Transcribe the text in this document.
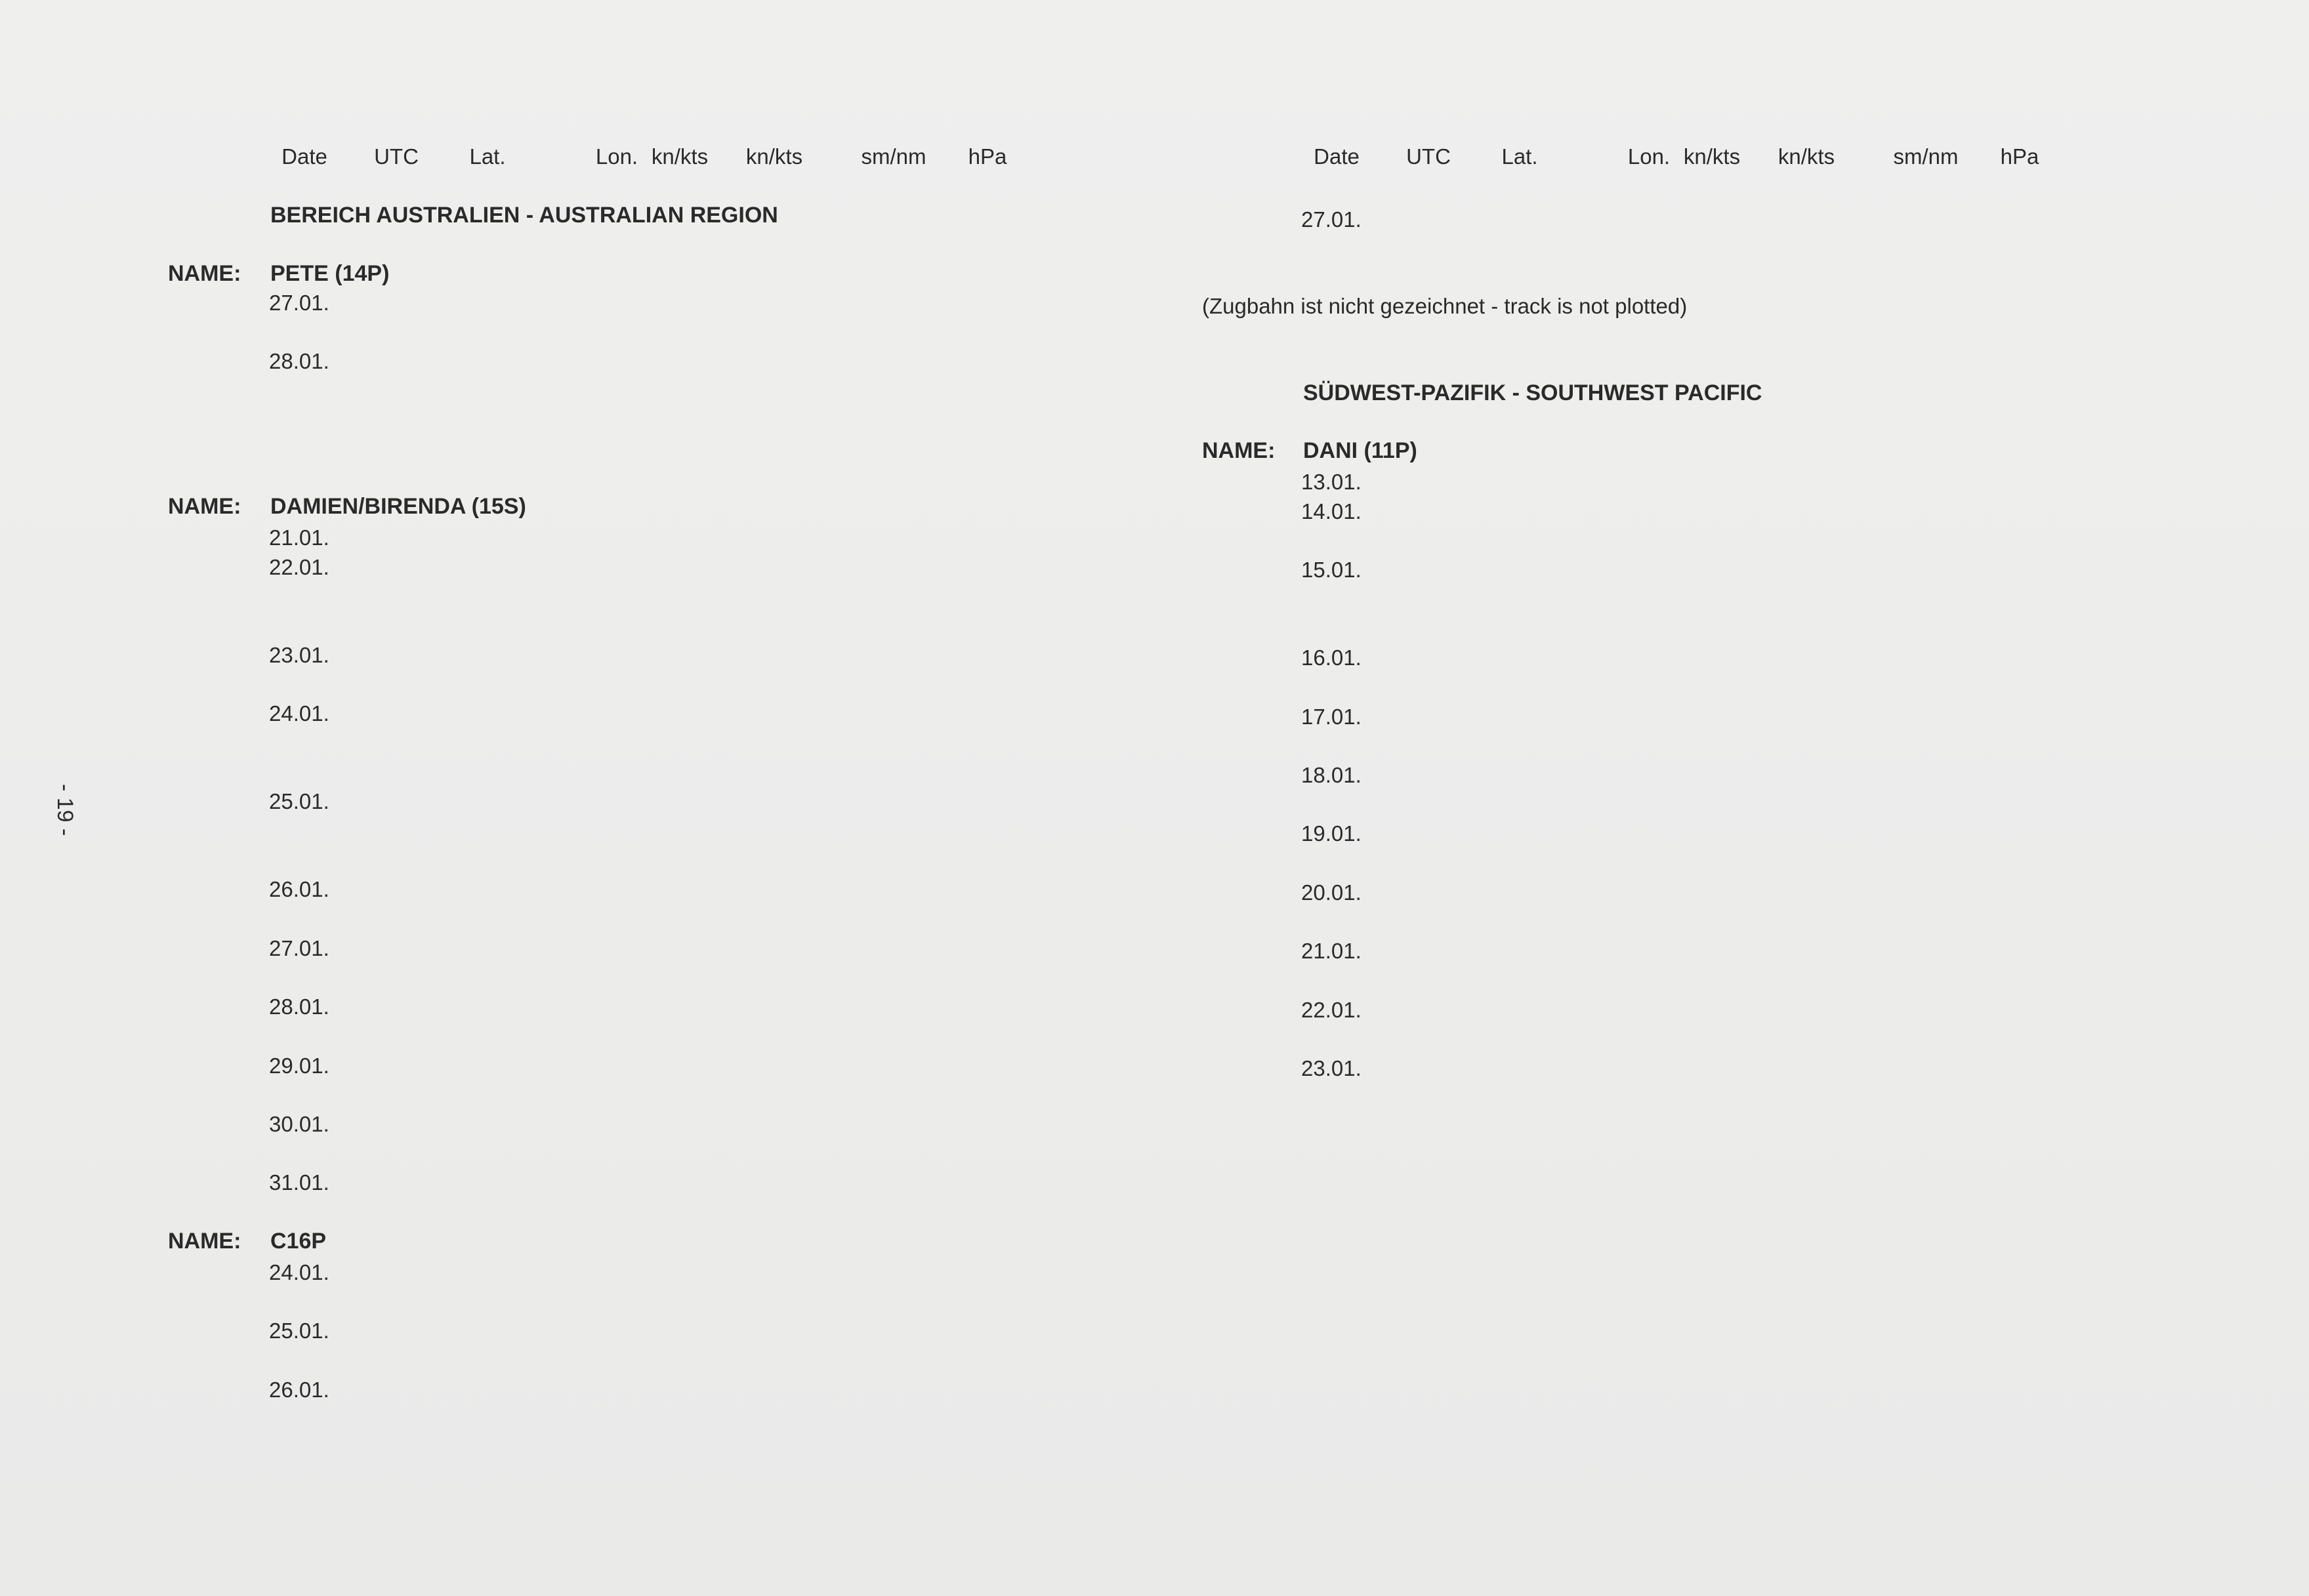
- 19 -
Date	UTC	Lat.	Lon. kn/kts	kn/kts	sm/nm	hPa
BEREICH AUSTRALIEN - AUSTRALIAN REGION
NAME: PETE (14P)
27.01.
28.01.
NAME: DAMIEN/BIRENDA (15S)
21.01.
22.01.
23.01.
24.01.
25.01.
26.01.
27.01.
28.01.
29.01.
30.01.
31.01.
NAME: C16P
24.01.
25.01.
26.01.
Date	UTC	Lat.	Lon. kn/kts	kn/kts	sm/nm	hPa
27.01.
(Zugbahn ist nicht gezeichnet - track is not plotted)
SÜDWEST-PAZIFIK - SOUTHWEST PACIFIC
NAME: DANI (11P)
13.01.
14.01.
15.01.
16.01.
17.01.
18.01.
19.01.
20.01.
21.01.
22.01.
23.01.
